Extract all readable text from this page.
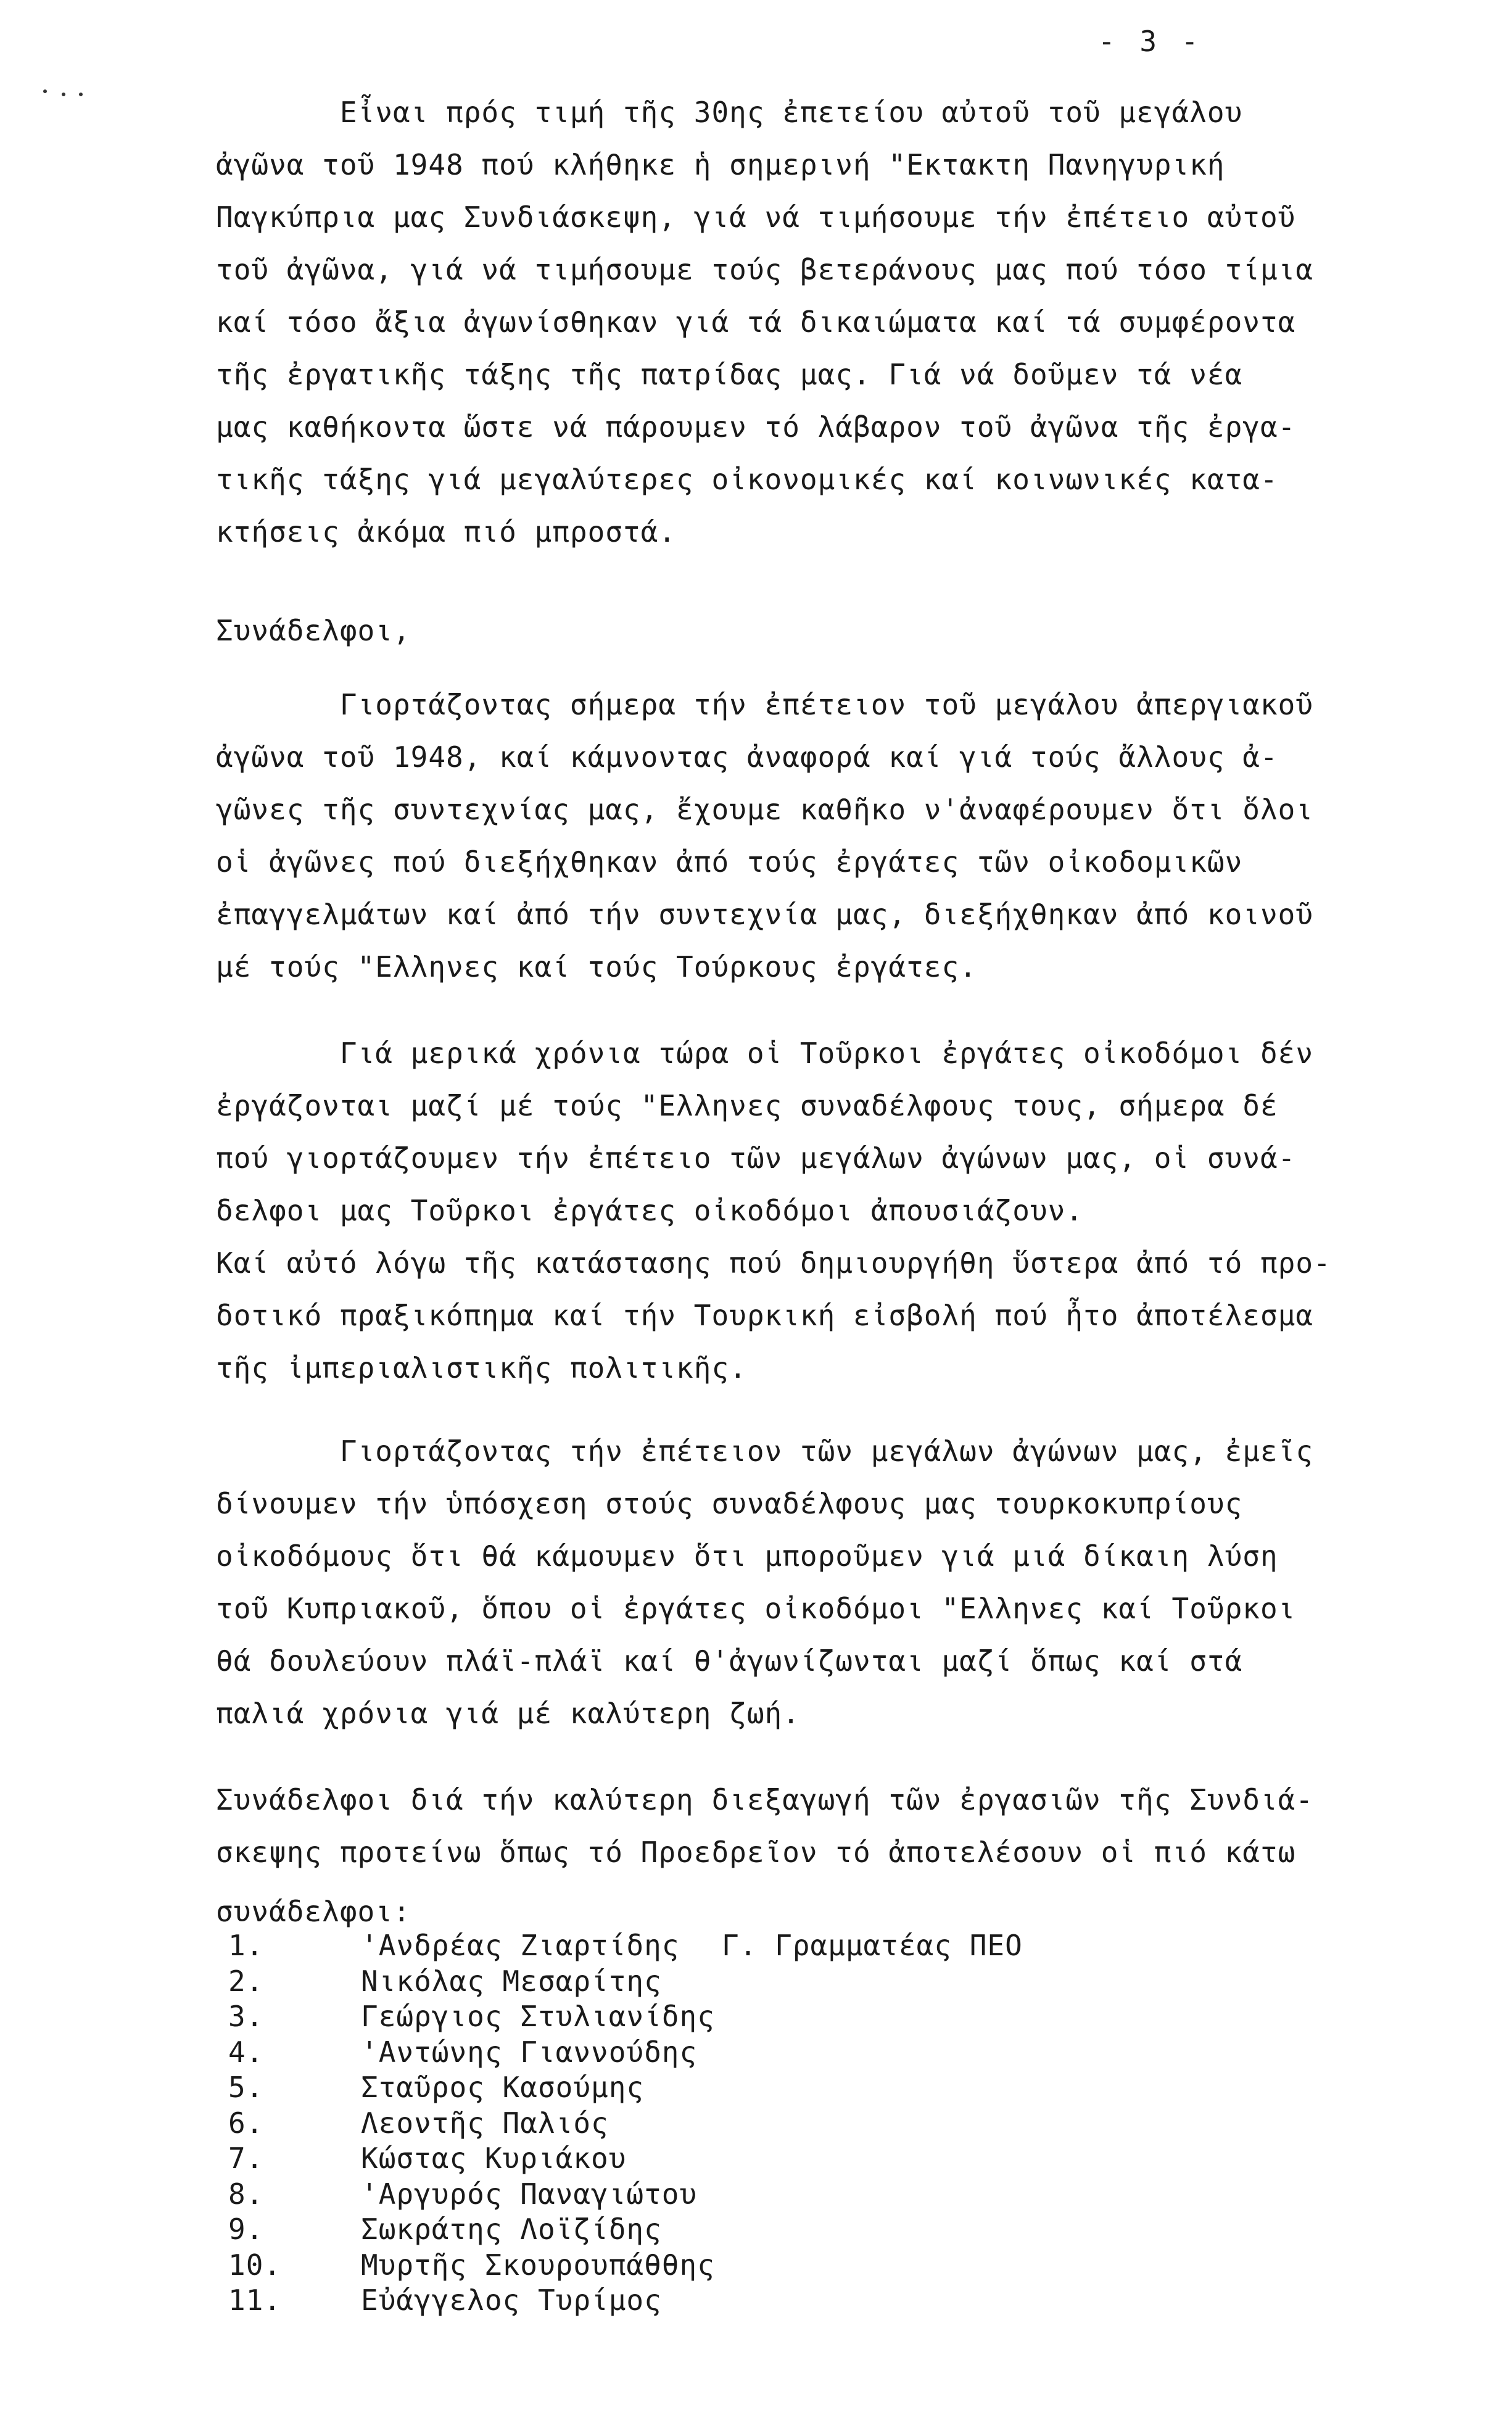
- 3 -
Εἶναι πρός τιμή τῆς 30ης ἐπετείου αὐτοῦ τοῦ μεγάλου
ἀγῶνα τοῦ 1948 πού κλήθηκε ἡ σημερινή "Εκτακτη Πανηγυρική
Παγκύπρια μας Συνδιάσκεψη, γιά νά τιμήσουμε τήν ἐπέτειο αὐτοῦ
τοῦ ἀγῶνα, γιά νά τιμήσουμε τούς βετεράνους μας πού τόσο τίμια
καί τόσο ἄξια ἀγωνίσθηκαν γιά τά δικαιώματα καί τά συμφέροντα
τῆς ἐργατικῆς τάξης τῆς πατρίδας μας. Γιά νά δοῦμεν τά νέα
μας καθήκοντα ὥστε νά πάρουμεν τό λάβαρον τοῦ ἀγῶνα τῆς ἐργα-
τικῆς τάξης γιά μεγαλύτερες οἰκονομικές καί κοινωνικές κατα-
κτήσεις ἀκόμα πιό μπροστά.
Συνάδελφοι,
Γιορτάζοντας σήμερα τήν ἐπέτειον τοῦ μεγάλου ἀπεργιακοῦ
ἀγῶνα τοῦ 1948, καί κάμνοντας ἀναφορά καί γιά τούς ἄλλους ἀ-
γῶνες τῆς συντεχνίας μας, ἔχουμε καθῆκο ν'ἀναφέρουμεν ὅτι ὅλοι
οἱ ἀγῶνες πού διεξήχθηκαν ἀπό τούς ἐργάτες τῶν οἰκοδομικῶν
ἐπαγγελμάτων καί ἀπό τήν συντεχνία μας, διεξήχθηκαν ἀπό κοινοῦ
μέ τούς "Ελληνες καί τούς Τούρκους ἐργάτες.
Γιά μερικά χρόνια τώρα οἱ Τοῦρκοι ἐργάτες οἰκοδόμοι δέν
ἐργάζονται μαζί μέ τούς "Ελληνες συναδέλφους τους, σήμερα δέ
πού γιορτάζουμεν τήν ἐπέτειο τῶν μεγάλων ἀγώνων μας, οἱ συνά-
δελφοι μας Τοῦρκοι ἐργάτες οἰκοδόμοι ἀπουσιάζουν.
Καί αὐτό λόγω τῆς κατάστασης πού δημιουργήθη ὕστερα ἀπό τό προ-
δοτικό πραξικόπημα καί τήν Τουρκική εἰσβολή πού ἦτο ἀποτέλεσμα
τῆς ἰμπεριαλιστικῆς πολιτικῆς.
Γιορτάζοντας τήν ἐπέτειον τῶν μεγάλων ἀγώνων μας, ἐμεῖς
δίνουμεν τήν ὑπόσχεση στούς συναδέλφους μας τουρκοκυπρίους
οἰκοδόμους ὅτι θά κάμουμεν ὅτι μποροῦμεν γιά μιά δίκαιη λύση
τοῦ Κυπριακοῦ, ὅπου οἱ ἐργάτες οἰκοδόμοι "Ελληνες καί Τοῦρκοι
θά δουλεύουν πλάϊ-πλάϊ καί θ'ἀγωνίζωνται μαζί ὅπως καί στά
παλιά χρόνια γιά μέ καλύτερη ζωή.
Συνάδελφοι διά τήν καλύτερη διεξαγωγή τῶν ἐργασιῶν τῆς Συνδιά-
σκεψης προτείνω ὅπως τό Προεδρεῖον τό ἀποτελέσουν οἱ πιό κάτω
συνάδελφοι:
1.	'Ανδρέας Ζιαρτίδης Γ. Γραμματέας ΠΕΟ
2.	Νικόλας Μεσαρίτης
3.	Γεώργιος Στυλιανίδης
4.	'Αντώνης Γιαννούδης
5.	Σταῦρος Κασούμης
6.	Λεοντῆς Παλιός
7.	Κώστας Κυριάκου
8.	'Αργυρός Παναγιώτου
9.	Σωκράτης Λοϊζίδης
10.	Μυρτῆς Σκουρουπάθθης
11.	Εὐάγγελος Τυρίμος
